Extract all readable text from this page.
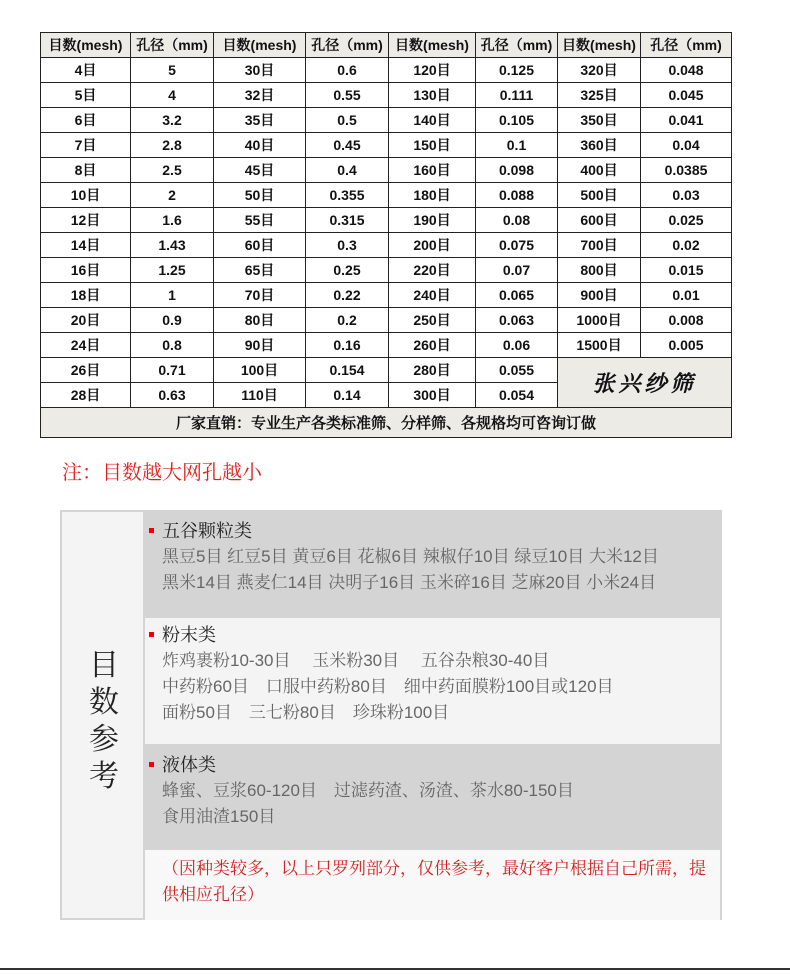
目数(mesh)	孔径（mm)	目数(mesh)	孔径（mm)	目数(mesh)	孔径（mm)	目数(mesh)	孔径（mm)
4目	5	30目	0.6	120目	0.125	320目	0.048
5目	4	32目	0.55	130目	0.111	325目	0.045
6目	3.2	35目	0.5	140目	0.105	350目	0.041
7目	2.8	40目	0.45	150目	0.1	360目	0.04
8目	2.5	45目	0.4	160目	0.098	400目	0.0385
10目	2	50目	0.355	180目	0.088	500目	0.03
12目	1.6	55目	0.315	190目	0.08	600目	0.025
14目	1.43	60目	0.3	200目	0.075	700目	0.02
16目	1.25	65目	0.25	220目	0.07	800目	0.015
18目	1	70目	0.22	240目	0.065	900目	0.01
20目	0.9	80目	0.2	250目	0.063	1000目	0.008
24目	0.8	90目	0.16	260目	0.06	1500目	0.005
26目	0.71	100目	0.154	280目	0.055	张兴纱筛	
28目	0.63	110目	0.14	300目	0.054		
厂家直销：专业生产各类标准筛、分样筛、各规格均可咨询订做							
注：目数越大网孔越小
目
数
参
考
五谷颗粒类
黑豆5目 红豆5目 黄豆6目 花椒6目 辣椒仔10目 绿豆10目 大米12目
黑米14目 燕麦仁14目 决明子16目 玉米碎16目 芝麻20目 小米24目
粉末类
炸鸡裹粉10-30目　 玉米粉30目　 五谷杂粮30-40目
中药粉60目　口服中药粉80目　细中药面膜粉100目或120目
面粉50目　三七粉80目　珍珠粉100目
液体类
蜂蜜、豆浆60-120目　过滤药渣、汤渣、茶水80-150目
食用油渣150目
（因种类较多，以上只罗列部分，仅供参考，最好客户根据自己所需，提供相应孔径）
